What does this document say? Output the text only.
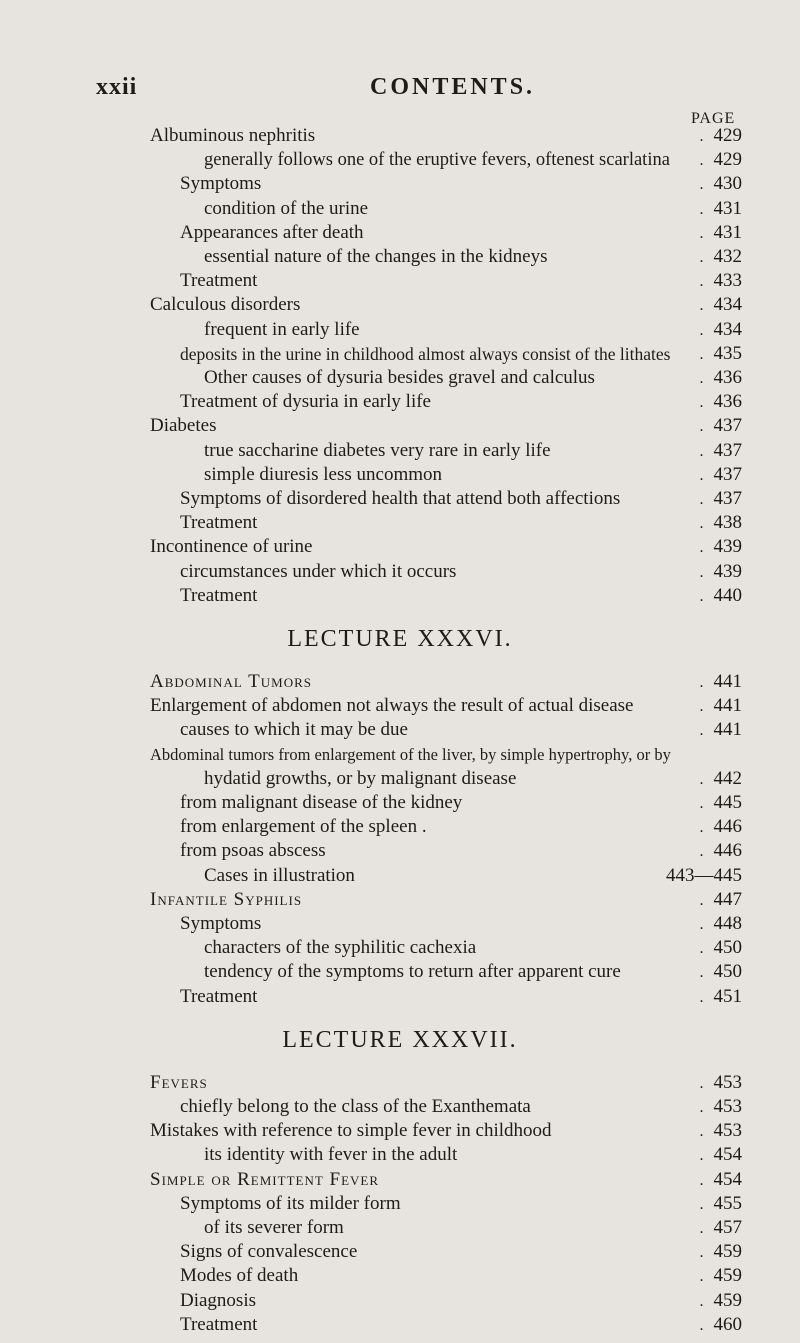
xxii	CONTENTS.
PAGE
Albuminous nephritis	. 429
generally follows one of the eruptive fevers, oftenest scarlatina . 429
Symptoms	. 430
condition of the urine	. 431
Appearances after death	. 431
essential nature of the changes in the kidneys	. 432
Treatment	. 433
Calculous disorders	. 434
frequent in early life	. 434
deposits in the urine in childhood almost always consist of the lithates . 435
Other causes of dysuria besides gravel and calculus	. 436
Treatment of dysuria in early life	. 436
Diabetes	. 437
true saccharine diabetes very rare in early life	. 437
simple diuresis less uncommon	. 437
Symptoms of disordered health that attend both affections	. 437
Treatment	. 438
Incontinence of urine	. 439
circumstances under which it occurs	. 439
Treatment	. 440
LECTURE XXXVI.
Abdominal Tumors	. 441
Enlargement of abdomen not always the result of actual disease	. 441
causes to which it may be due	. 441
Abdominal tumors from enlargement of the liver, by simple hypertrophy, or by
hydatid growths, or by malignant disease	. 442
from malignant disease of the kidney	. 445
from enlargement of the spleen .	. 446
from psoas abscess	. 446
Cases in illustration	443—445
Infantile Syphilis	. 447
Symptoms	. 448
characters of the syphilitic cachexia	. 450
tendency of the symptoms to return after apparent cure	. 450
Treatment	. 451
LECTURE XXXVII.
Fevers	. 453
chiefly belong to the class of the Exanthemata	. 453
Mistakes with reference to simple fever in childhood	. 453
its identity with fever in the adult	. 454
Simple or Remittent Fever	. 454
Symptoms of its milder form	. 455
of its severer form	. 457
Signs of convalescence	. 459
Modes of death	. 459
Diagnosis	. 459
Treatment	. 460
